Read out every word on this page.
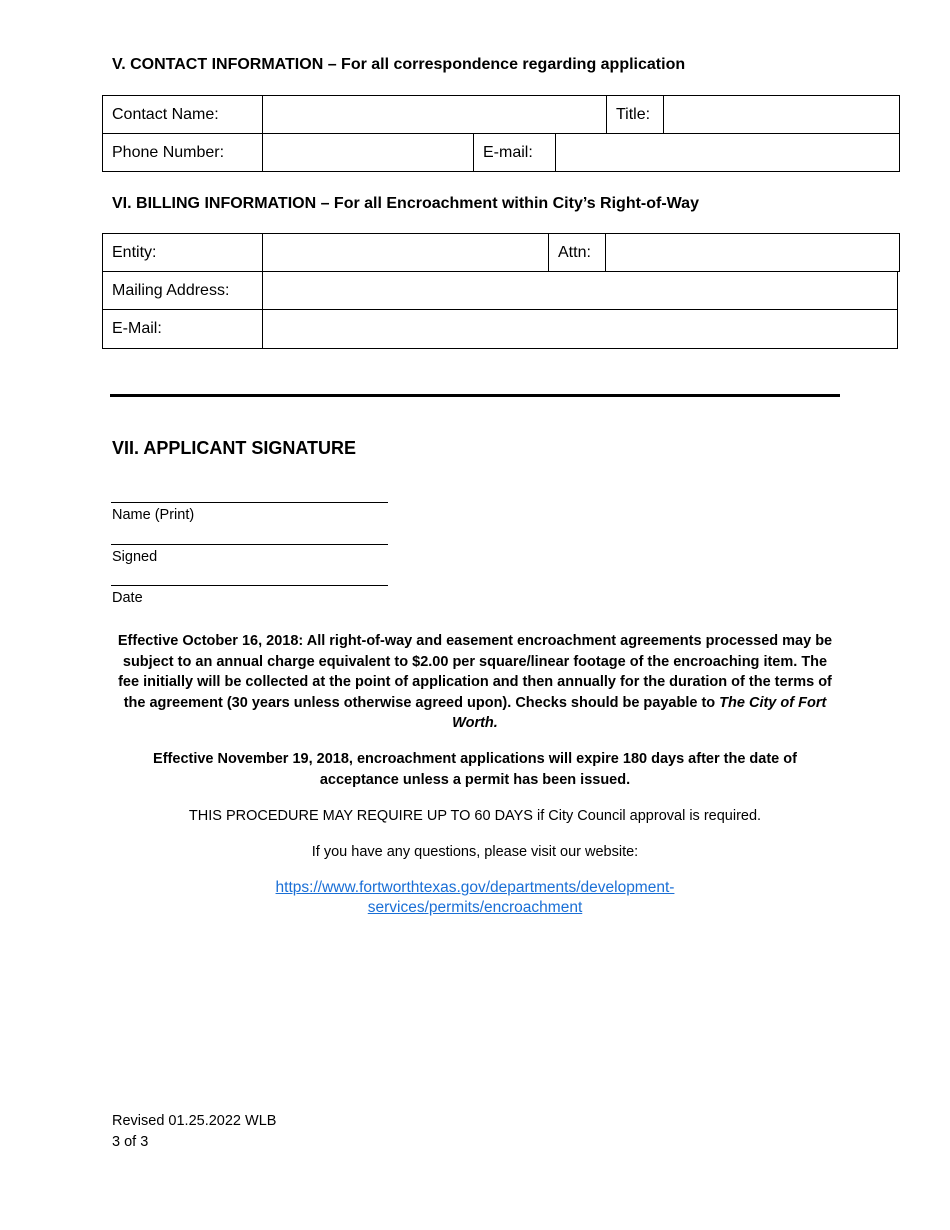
V. CONTACT INFORMATION – For all correspondence regarding application
Contact Name:	Title:
Phone Number:	E-mail:
VI. BILLING INFORMATION – For all Encroachment within City’s Right-of-Way
Entity:	Attn:
Mailing Address:
E-Mail:
VII. APPLICANT SIGNATURE
Name (Print)
Signed
Date
Effective October 16, 2018: All right-of-way and easement encroachment agreements processed may be subject to an annual charge equivalent to $2.00 per square/linear footage of the encroaching item. The fee initially will be collected at the point of application and then annually for the duration of the terms of the agreement (30 years unless otherwise agreed upon). Checks should be payable to The City of Fort Worth.
Effective November 19, 2018, encroachment applications will expire 180 days after the date of acceptance unless a permit has been issued.
THIS PROCEDURE MAY REQUIRE UP TO 60 DAYS if City Council approval is required.
If you have any questions, please visit our website:
https://www.fortworthtexas.gov/departments/development-
services/permits/encroachment
Revised 01.25.2022 WLB
3 of 3
